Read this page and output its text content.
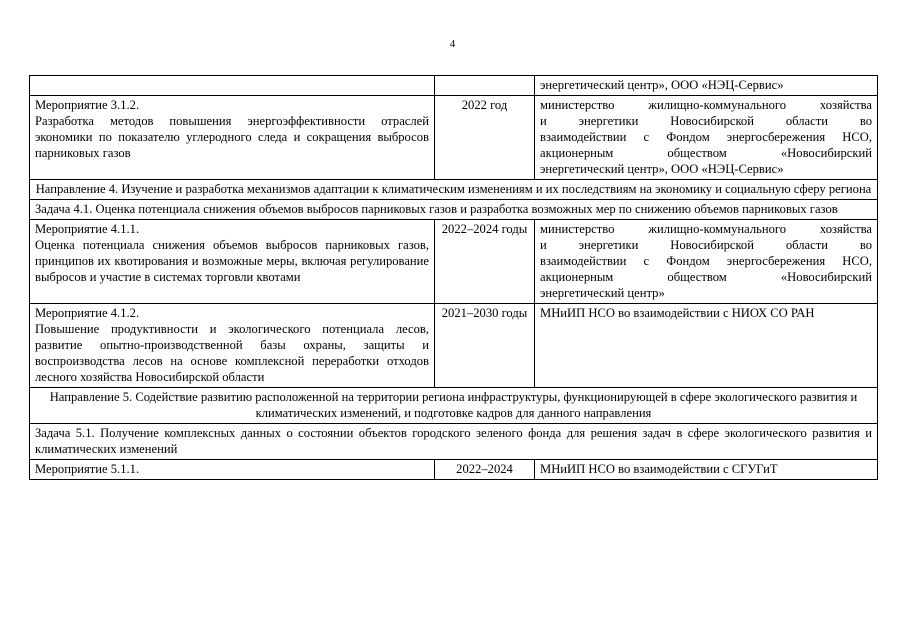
4
		энергетический центр», ООО «НЭЦ-Сервис»

Мероприятие 3.1.2.
Разработка методов повышения энергоэффективности отраслей экономики по показателю углеродного следа и сокращения выбросов парниковых газов	2022 год	министерство жилищно-коммунального хозяйства
и энергетики Новосибирской области во
взаимодействии с Фондом энергосбережения НСО,
акционерным обществом «Новосибирский
энергетический центр», ООО «НЭЦ-Сервис»

Направление 4. Изучение и разработка механизмов адаптации к климатическим изменениям и их последствиям на экономику и социальную сферу региона		
Задача 4.1. Оценка потенциала снижения объемов выбросов парниковых газов и разработка возможных мер по снижению объемов парниковых газов		

Мероприятие 4.1.1.
Оценка потенциала снижения объемов выбросов парниковых газов, принципов их квотирования и возможные меры, включая регулирование выбросов и участие в системах торговли квотами	2022–2024 годы	министерство жилищно-коммунального хозяйства
и энергетики Новосибирской области во
взаимодействии с Фондом энергосбережения НСО,
акционерным обществом «Новосибирский
энергетический центр»

Мероприятие 4.1.2.
Повышение продуктивности и экологического потенциала лесов, развитие опытно-производственной базы охраны, защиты и воспроизводства лесов на основе комплексной переработки отходов лесного хозяйства Новосибирской области	2021–2030 годы	МНиИП НСО во взаимодействии с НИОХ СО РАН
Направление 5. Содействие развитию расположенной на территории региона инфраструктуры, функционирующей в сфере экологического развития и климатических изменений, и подготовке кадров для данного направления		
Задача 5.1. Получение комплексных данных о состоянии объектов городского зеленого фонда для решения задач в сфере экологического развития и климатических изменений		
Мероприятие 5.1.1.	2022–2024	МНиИП НСО во взаимодействии с СГУГиТ
